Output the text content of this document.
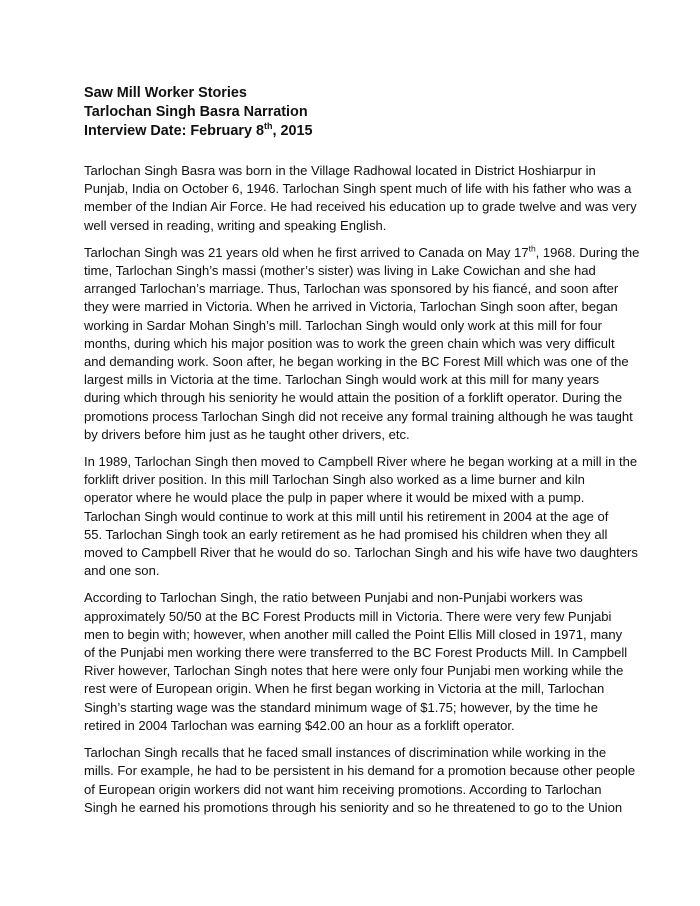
Saw Mill Worker Stories
Tarlochan Singh Basra Narration
Interview Date: February 8th, 2015

Tarlochan Singh Basra was born in the Village Radhowal located in District Hoshiarpur in
Punjab, India on October 6, 1946. Tarlochan Singh spent much of life with his father who was a
member of the Indian Air Force. He had received his education up to grade twelve and was very
well versed in reading, writing and speaking English.

Tarlochan Singh was 21 years old when he first arrived to Canada on May 17th, 1968. During the
time, Tarlochan Singh’s massi (mother’s sister) was living in Lake Cowichan and she had
arranged Tarlochan’s marriage. Thus, Tarlochan was sponsored by his fiancé, and soon after
they were married in Victoria. When he arrived in Victoria, Tarlochan Singh soon after, began
working in Sardar Mohan Singh’s mill. Tarlochan Singh would only work at this mill for four
months, during which his major position was to work the green chain which was very difficult
and demanding work. Soon after, he began working in the BC Forest Mill which was one of the
largest mills in Victoria at the time. Tarlochan Singh would work at this mill for many years
during which through his seniority he would attain the position of a forklift operator. During the
promotions process Tarlochan Singh did not receive any formal training although he was taught
by drivers before him just as he taught other drivers, etc.

In 1989, Tarlochan Singh then moved to Campbell River where he began working at a mill in the
forklift driver position. In this mill Tarlochan Singh also worked as a lime burner and kiln
operator where he would place the pulp in paper where it would be mixed with a pump.
Tarlochan Singh would continue to work at this mill until his retirement in 2004 at the age of
55. Tarlochan Singh took an early retirement as he had promised his children when they all
moved to Campbell River that he would do so. Tarlochan Singh and his wife have two daughters
and one son.

According to Tarlochan Singh, the ratio between Punjabi and non-Punjabi workers was
approximately 50/50 at the BC Forest Products mill in Victoria. There were very few Punjabi
men to begin with; however, when another mill called the Point Ellis Mill closed in 1971, many
of the Punjabi men working there were transferred to the BC Forest Products Mill. In Campbell
River however, Tarlochan Singh notes that here were only four Punjabi men working while the
rest were of European origin. When he first began working in Victoria at the mill, Tarlochan
Singh’s starting wage was the standard minimum wage of $1.75; however, by the time he
retired in 2004 Tarlochan was earning $42.00 an hour as a forklift operator.

Tarlochan Singh recalls that he faced small instances of discrimination while working in the
mills. For example, he had to be persistent in his demand for a promotion because other people
of European origin workers did not want him receiving promotions. According to Tarlochan
Singh he earned his promotions through his seniority and so he threatened to go to the Union
